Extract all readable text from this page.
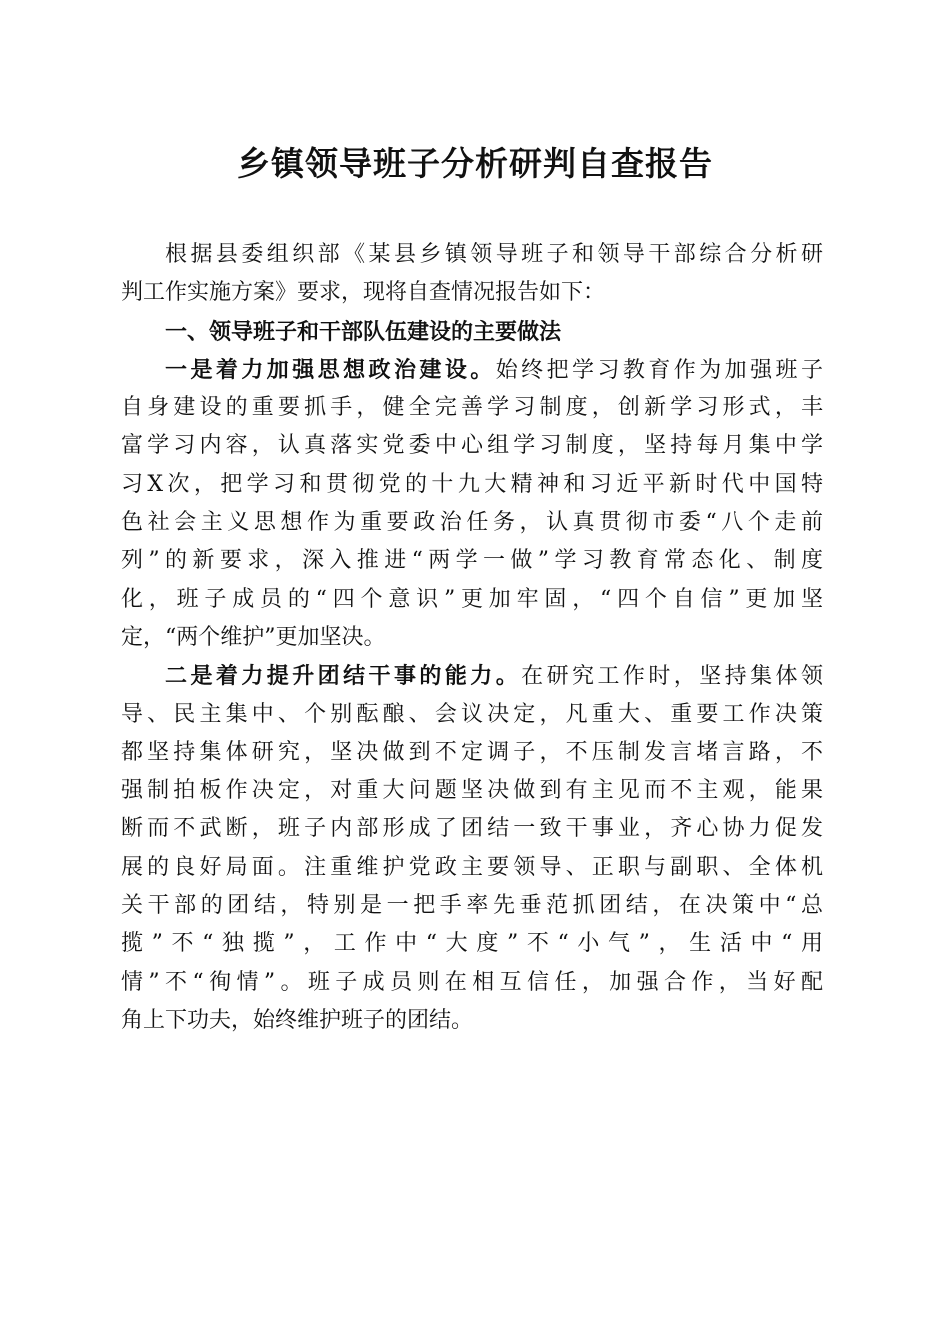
乡镇领导班子分析研判自查报告
根据县委组织部《某县乡镇领导班子和领导干部综合分析研
判工作实施方案》要求，现将自查情况报告如下：
一、领导班子和干部队伍建设的主要做法
一是着力加强思想政治建设。始终把学习教育作为加强班子
自身建设的重要抓手，健全完善学习制度，创新学习形式，丰
富学习内容，认真落实党委中心组学习制度，坚持每月集中学
习X次，把学习和贯彻党的十九大精神和习近平新时代中国特
色社会主义思想作为重要政治任务，认真贯彻市委“八个走前
列”的新要求，深入推进“两学一做”学习教育常态化、制度
化，班子成员的“四个意识”更加牢固，“四个自信”更加坚
定，“两个维护”更加坚决。
二是着力提升团结干事的能力。在研究工作时，坚持集体领
导、民主集中、个别酝酿、会议决定，凡重大、重要工作决策
都坚持集体研究，坚决做到不定调子，不压制发言堵言路，不
强制拍板作决定，对重大问题坚决做到有主见而不主观，能果
断而不武断，班子内部形成了团结一致干事业，齐心协力促发
展的良好局面。注重维护党政主要领导、正职与副职、全体机
关干部的团结，特别是一把手率先垂范抓团结，在决策中“总
揽”不“独揽”，工作中“大度”不“小气”，生活中“用
情”不“徇情”。班子成员则在相互信任，加强合作，当好配
角上下功夫，始终维护班子的团结。
